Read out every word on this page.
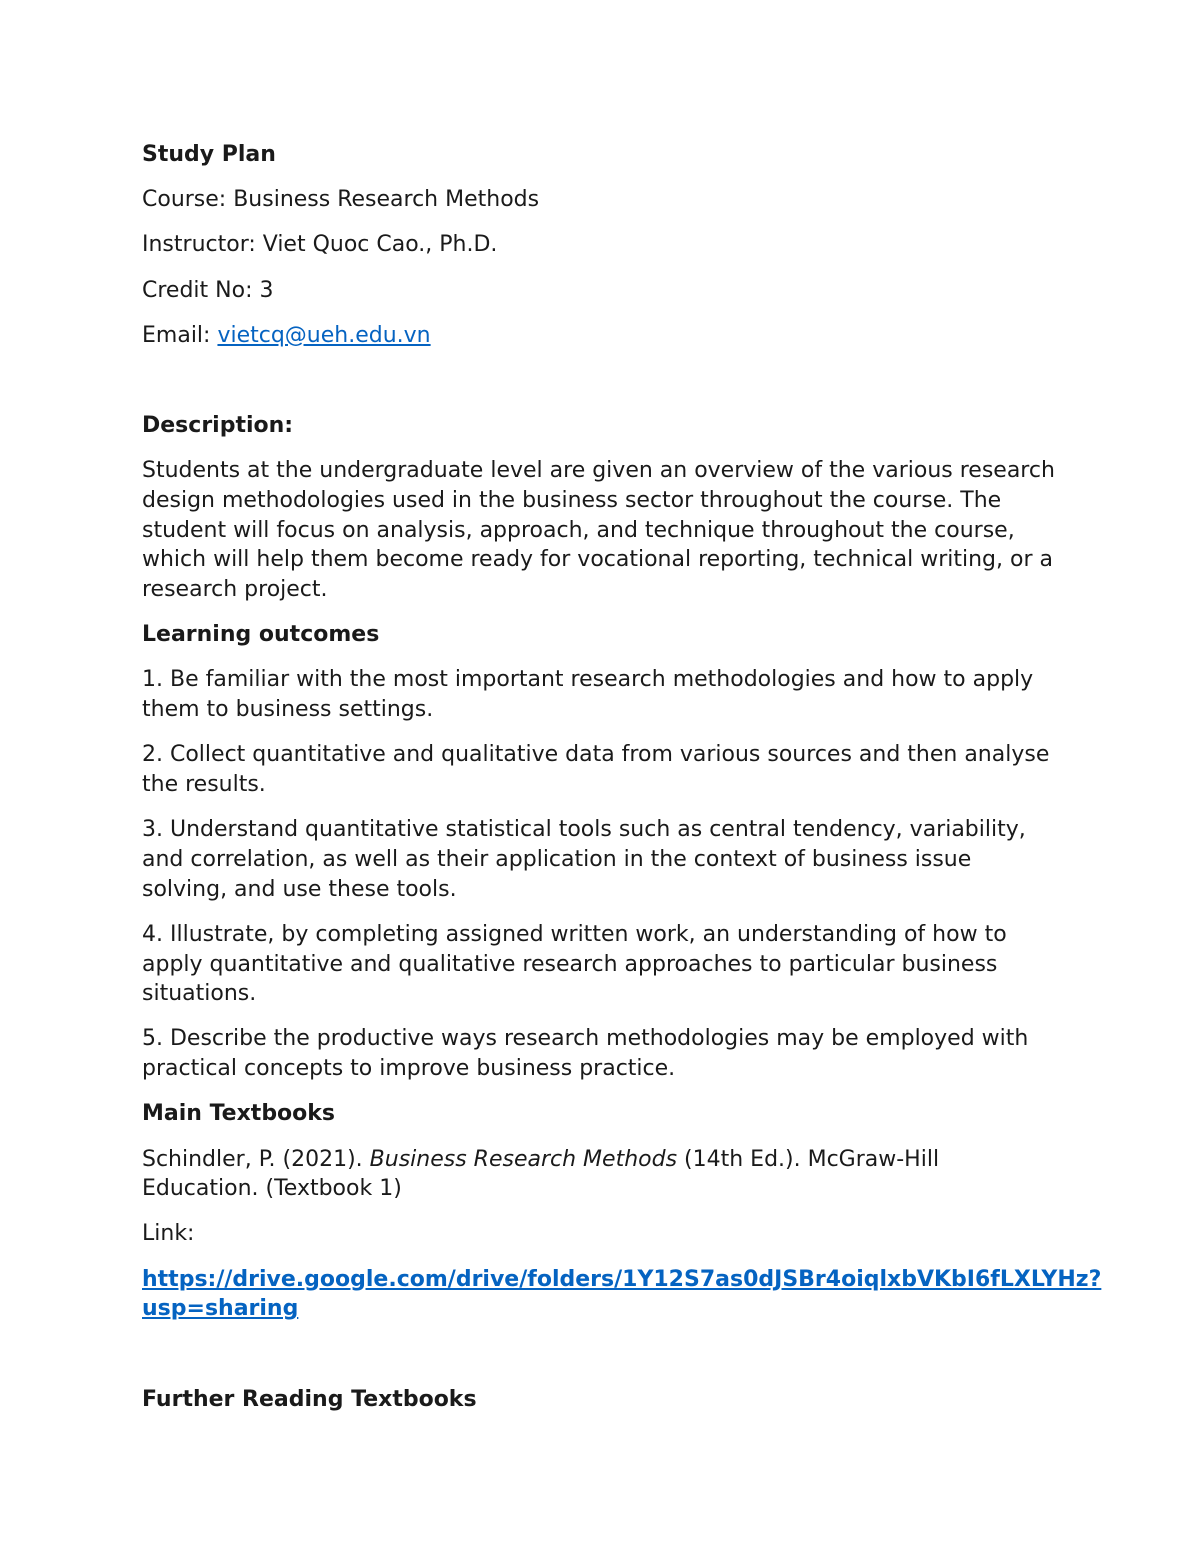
Study Plan

Course: Business Research Methods

Instructor: Viet Quoc Cao., Ph.D.

Credit No: 3

Email: vietcq@ueh.edu.vn

Description:

Students at the undergraduate level are given an overview of the various research design methodologies used in the business sector throughout the course. The student will focus on analysis, approach, and technique throughout the course, which will help them become ready for vocational reporting, technical writing, or a research project.

Learning outcomes

1. Be familiar with the most important research methodologies and how to apply them to business settings.

2. Collect quantitative and qualitative data from various sources and then analyse the results.

3. Understand quantitative statistical tools such as central tendency, variability, and correlation, as well as their application in the context of business issue solving, and use these tools.

4. Illustrate, by completing assigned written work, an understanding of how to apply quantitative and qualitative research approaches to particular business situations.

5. Describe the productive ways research methodologies may be employed with practical concepts to improve business practice.

Main Textbooks

Schindler, P. (2021). Business Research Methods (14th Ed.). McGraw-Hill Education. (Textbook 1)

Link:

https://drive.google.com/drive/folders/1Y12S7as0dJSBr4oiqlxbVKbI6fLXLYHz?
usp=sharing

Further Reading Textbooks
